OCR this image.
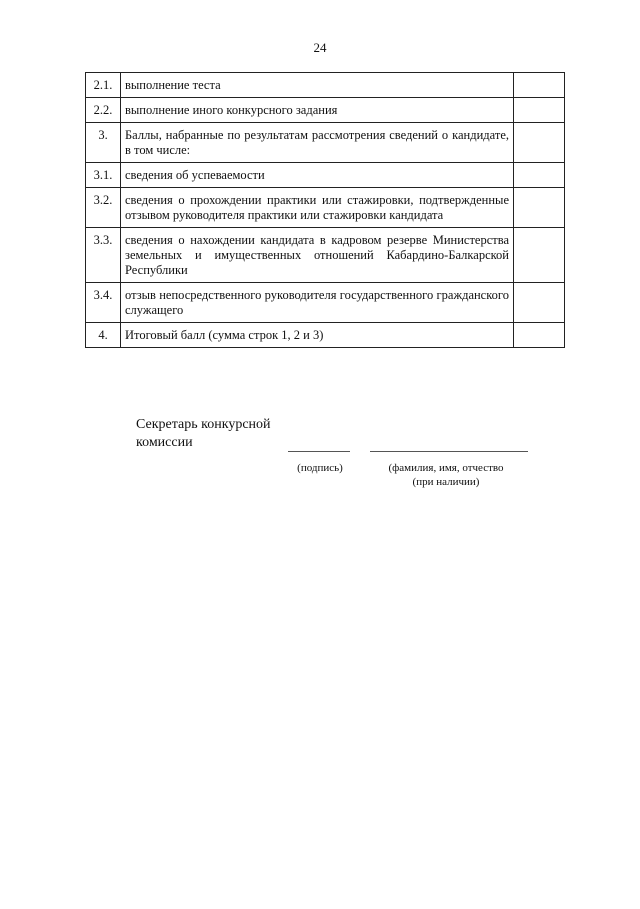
24
2.1.	выполнение теста	
2.2.	выполнение иного конкурсного задания	
3.	Баллы, набранные по результатам рассмотрения сведений о кандидате, в том числе:	
3.1.	сведения об успеваемости	
3.2.	сведения о прохождении практики или стажировки, подтвержденные отзывом руководителя практики или стажировки кандидата	
3.3.	сведения о нахождении кандидата в кадровом резерве Министерства земельных и имущественных отношений Кабардино-Балкарской Республики	
3.4.	отзыв непосредственного руководителя государственного гражданского служащего	
4.	Итоговый балл (сумма строк 1, 2 и 3)	
Секретарь конкурсной
комиссии
(подпись)	(фамилия, имя, отчество
(при наличии)
